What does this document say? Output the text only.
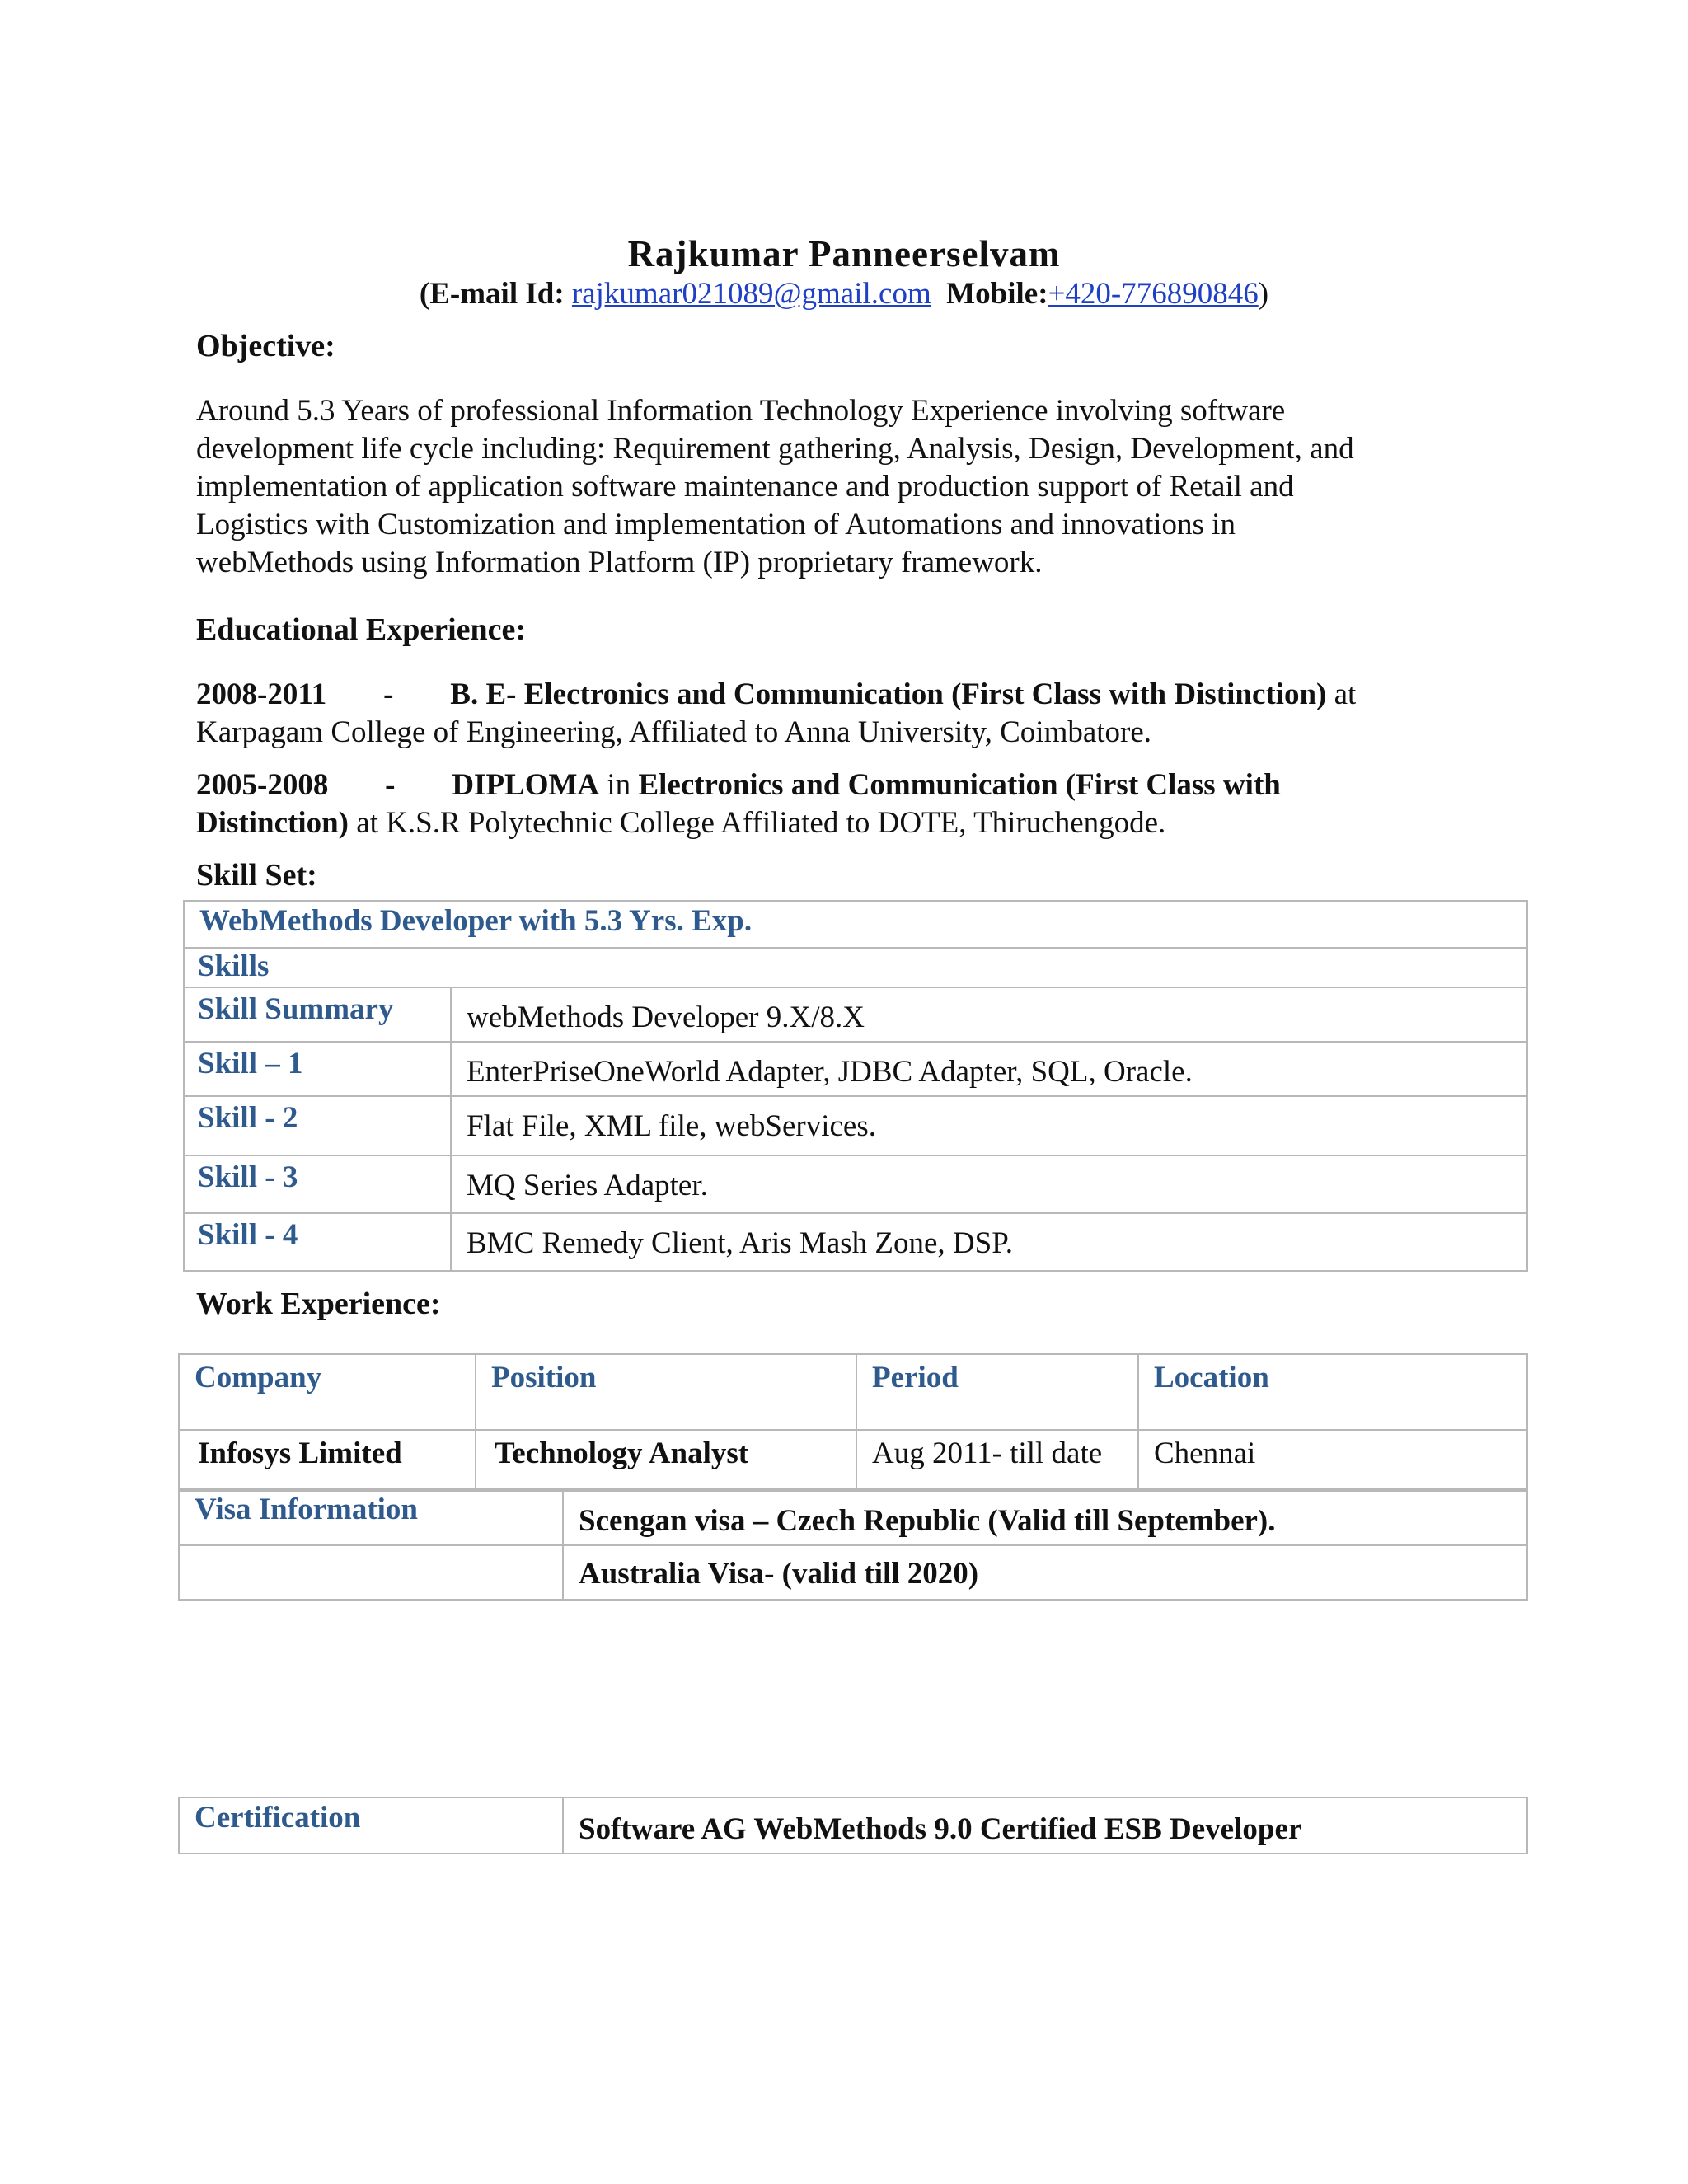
Rajkumar Panneerselvam
(E-mail Id: rajkumar021089@gmail.com Mobile:+420-776890846)
Objective:

Around 5.3 Years of professional Information Technology Experience involving software

development life cycle including: Requirement gathering, Analysis, Design, Development, and

implementation of application software maintenance and production support of Retail and

Logistics with Customization and implementation of Automations and innovations in

webMethods using Information Platform (IP) proprietary framework.

Educational Experience:

2008-2011 - B. E- Electronics and Communication (First Class with Distinction) at

Karpagam College of Engineering, Affiliated to Anna University, Coimbatore.

2005-2008 - DIPLOMA in Electronics and Communication (First Class with

Distinction) at K.S.R Polytechnic College Affiliated to DOTE, Thiruchengode.

Skill Set:
WebMethods Developer with 5.3 Yrs. Exp.	
Skills	
Skill Summary	webMethods Developer 9.X/8.X
Skill – 1	EnterPriseOneWorld Adapter, JDBC Adapter, SQL, Oracle.
Skill - 2	Flat File, XML file, webServices.
Skill - 3	MQ Series Adapter.
Skill - 4	BMC Remedy Client, Aris Mash Zone, DSP.
Work Experience:
Company	Position	Period	Location
Infosys Limited	Technology Analyst	Aug 2011- till date	Chennai
Visa Information	Scengan visa – Czech Republic (Valid till September).
	Australia Visa- (valid till 2020)
Certification	Software AG WebMethods 9.0 Certified ESB Developer
